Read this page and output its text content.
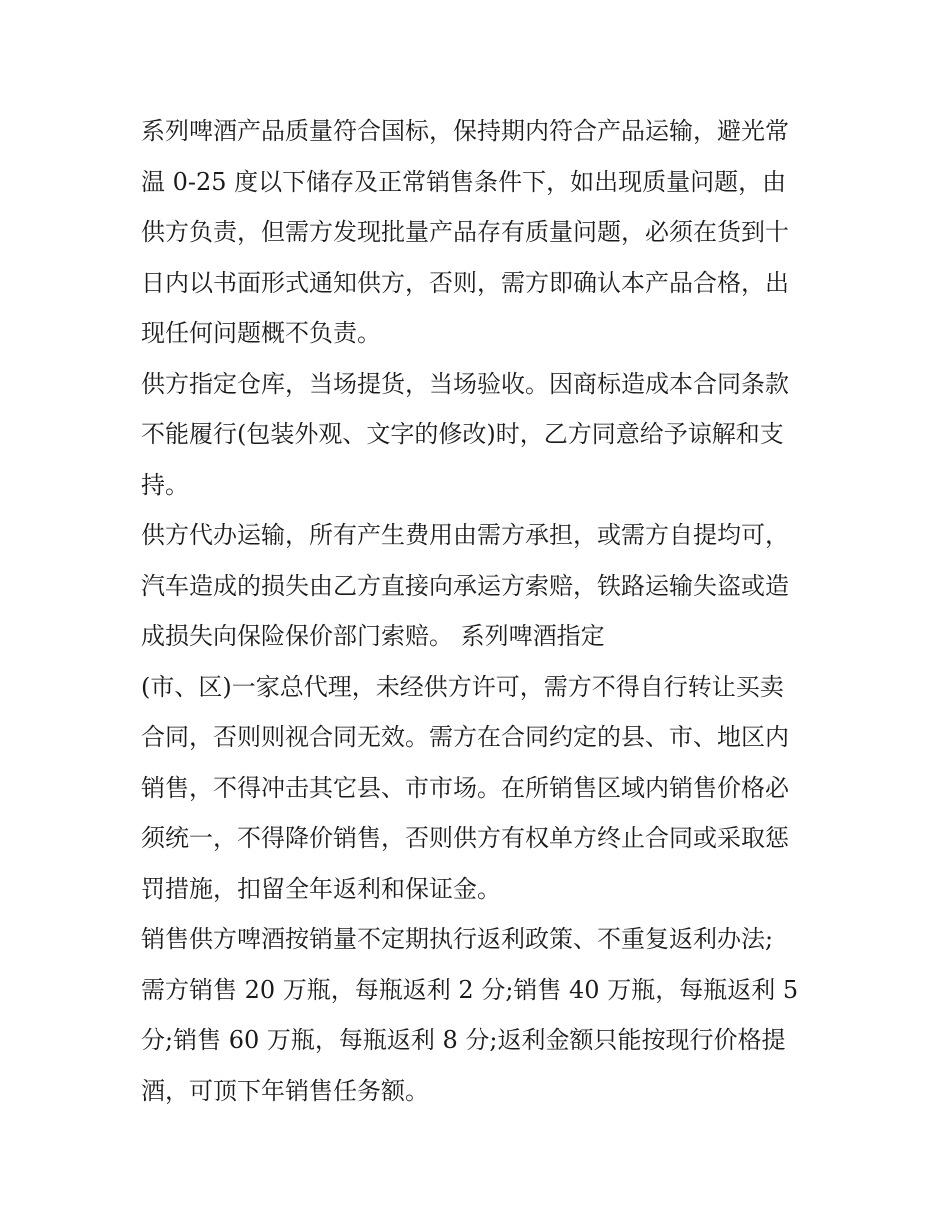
系列啤酒产品质量符合国标，保持期内符合产品运输，避光常
温 0-25 度以下储存及正常销售条件下，如出现质量问题，由
供方负责，但需方发现批量产品存有质量问题，必须在货到十
日内以书面形式通知供方，否则，需方即确认本产品合格，出
现任何问题概不负责。

供方指定仓库，当场提货，当场验收。因商标造成本合同条款
不能履行(包装外观、文字的修改)时，乙方同意给予谅解和支
持。

供方代办运输，所有产生费用由需方承担，或需方自提均可，
汽车造成的损失由乙方直接向承运方索赔，铁路运输失盗或造
成损失向保险保价部门索赔。 系列啤酒指定

(市、区)一家总代理，未经供方许可，需方不得自行转让买卖
合同，否则则视合同无效。需方在合同约定的县、市、地区内
销售，不得冲击其它县、市市场。在所销售区域内销售价格必
须统一，不得降价销售，否则供方有权单方终止合同或采取惩
罚措施，扣留全年返利和保证金。

销售供方啤酒按销量不定期执行返利政策、不重复返利办法;
需方销售 20 万瓶，每瓶返利 2 分;销售 40 万瓶，每瓶返利 5
分;销售 60 万瓶，每瓶返利 8 分;返利金额只能按现行价格提
酒，可顶下年销售任务额。
